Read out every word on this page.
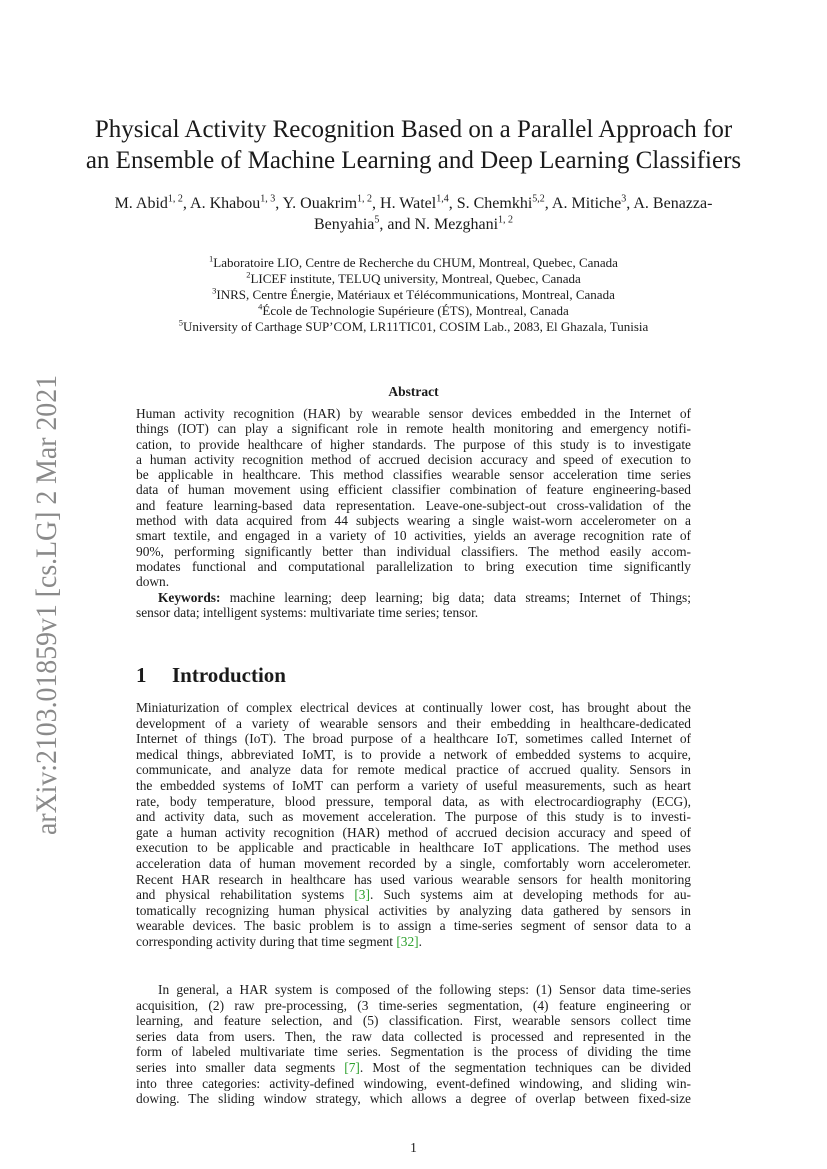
arXiv:2103.01859v1 [cs.LG] 2 Mar 2021
Physical Activity Recognition Based on a Parallel Approach for
an Ensemble of Machine Learning and Deep Learning Classifiers
M. Abid$^{1, 2}$, A. Khabou$^{1, 3}$, Y. Ouakrim$^{1, 2}$, H. Watel$^{1,4}$, S. Chemkhi$^{5,2}$, A. Mitiche$^3$, A. Benazza-Benyahia$^5$, and N. Mezghani$^{1, 2}$
$^1$Laboratoire LIO, Centre de Recherche du CHUM, Montreal, Quebec, Canada
$^2$LICEF institute, TELUQ university, Montreal, Quebec, Canada
$^3$INRS, Centre Énergie, Matériaux et Télécommunications, Montreal, Canada
$^4$École de Technologie Supérieure (ÉTS), Montreal, Canada
$^5$University of Carthage SUP’COM, LR11TIC01, COSIM Lab., 2083, El Ghazala, Tunisia
Abstract
Human activity recognition (HAR) by wearable sensor devices embedded in the Internet of
things (IOT) can play a significant role in remote health monitoring and emergency notifi-
cation, to provide healthcare of higher standards. The purpose of this study is to investigate
a human activity recognition method of accrued decision accuracy and speed of execution to
be applicable in healthcare. This method classifies wearable sensor acceleration time series
data of human movement using efficient classifier combination of feature engineering-based
and feature learning-based data representation. Leave-one-subject-out cross-validation of the
method with data acquired from 44 subjects wearing a single waist-worn accelerometer on a
smart textile, and engaged in a variety of 10 activities, yields an average recognition rate of
90%, performing significantly better than individual classifiers. The method easily accom-
modates functional and computational parallelization to bring execution time significantly
down.
Keywords: machine learning; deep learning; big data; data streams; Internet of Things;
sensor data; intelligent systems: multivariate time series; tensor.
1 Introduction
Miniaturization of complex electrical devices at continually lower cost, has brought about the
development of a variety of wearable sensors and their embedding in healthcare-dedicated
Internet of things (IoT). The broad purpose of a healthcare IoT, sometimes called Internet of
medical things, abbreviated IoMT, is to provide a network of embedded systems to acquire,
communicate, and analyze data for remote medical practice of accrued quality. Sensors in
the embedded systems of IoMT can perform a variety of useful measurements, such as heart
rate, body temperature, blood pressure, temporal data, as with electrocardiography (ECG),
and activity data, such as movement acceleration. The purpose of this study is to investi-
gate a human activity recognition (HAR) method of accrued decision accuracy and speed of
execution to be applicable and practicable in healthcare IoT applications. The method uses
acceleration data of human movement recorded by a single, comfortably worn accelerometer.
Recent HAR research in healthcare has used various wearable sensors for health monitoring
and physical rehabilitation systems [3]. Such systems aim at developing methods for au-
tomatically recognizing human physical activities by analyzing data gathered by sensors in
wearable devices. The basic problem is to assign a time-series segment of sensor data to a
corresponding activity during that time segment [32].
In general, a HAR system is composed of the following steps: (1) Sensor data time-series
acquisition, (2) raw pre-processing, (3 time-series segmentation, (4) feature engineering or
learning, and feature selection, and (5) classification. First, wearable sensors collect time
series data from users. Then, the raw data collected is processed and represented in the
form of labeled multivariate time series. Segmentation is the process of dividing the time
series into smaller data segments [7]. Most of the segmentation techniques can be divided
into three categories: activity-defined windowing, event-defined windowing, and sliding win-
dowing. The sliding window strategy, which allows a degree of overlap between fixed-size
1
